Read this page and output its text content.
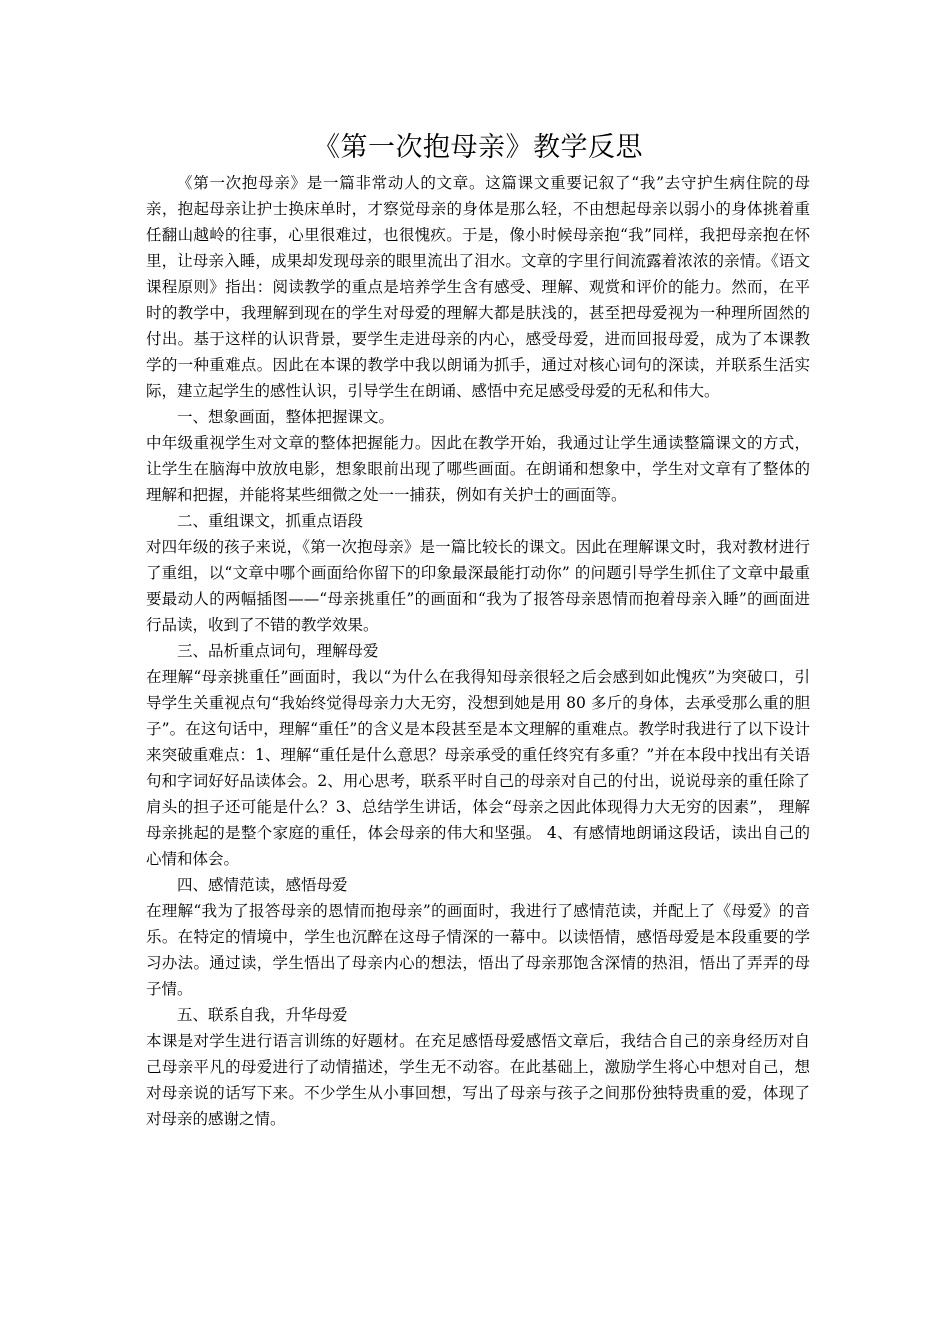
《第一次抱母亲》教学反思

《第一次抱母亲》是一篇非常动人的文章。这篇课文重要记叙了“我”去守护生病住院的母亲，抱起母亲让护士换床单时，才察觉母亲的身体是那么轻，不由想起母亲以弱小的身体挑着重任翻山越岭的往事，心里很难过，也很愧疚。于是，像小时候母亲抱“我”同样，我把母亲抱在怀里，让母亲入睡，成果却发现母亲的眼里流出了泪水。文章的字里行间流露着浓浓的亲情。《语文课程原则》指出：阅读教学的重点是培养学生含有感受、理解、观赏和评价的能力。然而，在平时的教学中，我理解到现在的学生对母爱的理解大都是肤浅的，甚至把母爱视为一种理所固然的付出。基于这样的认识背景，要学生走进母亲的内心，感受母爱，进而回报母爱，成为了本课教学的一种重难点。因此在本课的教学中我以朗诵为抓手，通过对核心词句的深读，并联系生活实际，建立起学生的感性认识，引导学生在朗诵、感悟中充足感受母爱的无私和伟大。

一、想象画面，整体把握课文。

中年级重视学生对文章的整体把握能力。因此在教学开始，我通过让学生通读整篇课文的方式，让学生在脑海中放放电影，想象眼前出现了哪些画面。在朗诵和想象中，学生对文章有了整体的理解和把握，并能将某些细微之处一一捕获，例如有关护士的画面等。

二、重组课文，抓重点语段

对四年级的孩子来说，《第一次抱母亲》是一篇比较长的课文。因此在理解课文时，我对教材进行了重组，以“文章中哪个画面给你留下的印象最深最能打动你” 的问题引导学生抓住了文章中最重要最动人的两幅插图——“母亲挑重任”的画面和“我为了报答母亲恩情而抱着母亲入睡”的画面进行品读，收到了不错的教学效果。

三、品析重点词句，理解母爱

在理解“母亲挑重任”画面时，我以“为什么在我得知母亲很轻之后会感到如此愧疚”为突破口，引导学生关重视点句“我始终觉得母亲力大无穷，没想到她是用 80 多斤的身体，去承受那么重的胆子”。在这句话中，理解“重任”的含义是本段甚至是本文理解的重难点。教学时我进行了以下设计来突破重难点：1、理解“重任是什么意思？母亲承受的重任终究有多重？”并在本段中找出有关语句和字词好好品读体会。2、用心思考，联系平时自己的母亲对自己的付出，说说母亲的重任除了肩头的担子还可能是什么？3、总结学生讲话，体会“母亲之因此体现得力大无穷的因素”， 理解母亲挑起的是整个家庭的重任，体会母亲的伟大和坚强。 4、有感情地朗诵这段话，读出自己的心情和体会。

四、感情范读，感悟母爱

在理解“我为了报答母亲的恩情而抱母亲”的画面时，我进行了感情范读，并配上了《母爱》的音乐。在特定的情境中，学生也沉醉在这母子情深的一幕中。以读悟情，感悟母爱是本段重要的学习办法。通过读，学生悟出了母亲内心的想法，悟出了母亲那饱含深情的热泪，悟出了弄弄的母子情。

五、联系自我，升华母爱

本课是对学生进行语言训练的好题材。在充足感悟母爱感悟文章后，我结合自己的亲身经历对自己母亲平凡的母爱进行了动情描述，学生无不动容。在此基础上，激励学生将心中想对自己，想对母亲说的话写下来。不少学生从小事回想，写出了母亲与孩子之间那份独特贵重的爱，体现了对母亲的感谢之情。
